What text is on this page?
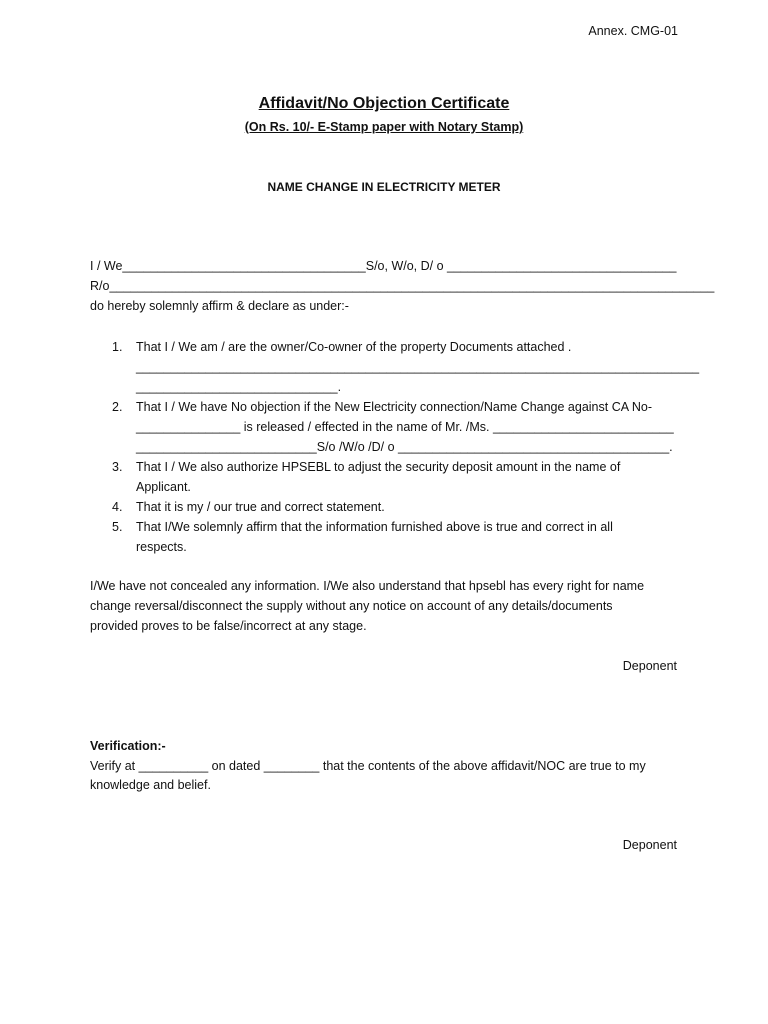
Annex. CMG-01
Affidavit/No Objection Certificate
(On Rs. 10/- E-Stamp paper with Notary Stamp)
NAME CHANGE IN ELECTRICITY METER
I / We___________________________________S/o, W/o, D/ o _________________________________
R/o_______________________________________________________________________________________
do hereby solemnly affirm & declare as under:-
1. That I / We am / are the owner/Co-owner of the property Documents attached .
_________________________________________________________________________________
_____________________________.
2. That I / We have No objection if the New Electricity connection/Name Change against CA No-
_______________ is released / effected in the name of Mr. /Ms. __________________________
__________________________S/o /W/o /D/ o _______________________________________.
3. That I / We also authorize HPSEBL to adjust the security deposit amount in the name of
Applicant.
4. That it is my / our true and correct statement.
5. That I/We solemnly affirm that the information furnished above is true and correct in all
respects.
I/We have not concealed any information. I/We also understand that hpsebl has every right for name
change reversal/disconnect the supply without any notice on account of any details/documents
provided proves to be false/incorrect at any stage.
Deponent
Verification:-
Verify at __________ on dated ________ that the contents of the above affidavit/NOC are true to my
knowledge and belief.
Deponent
